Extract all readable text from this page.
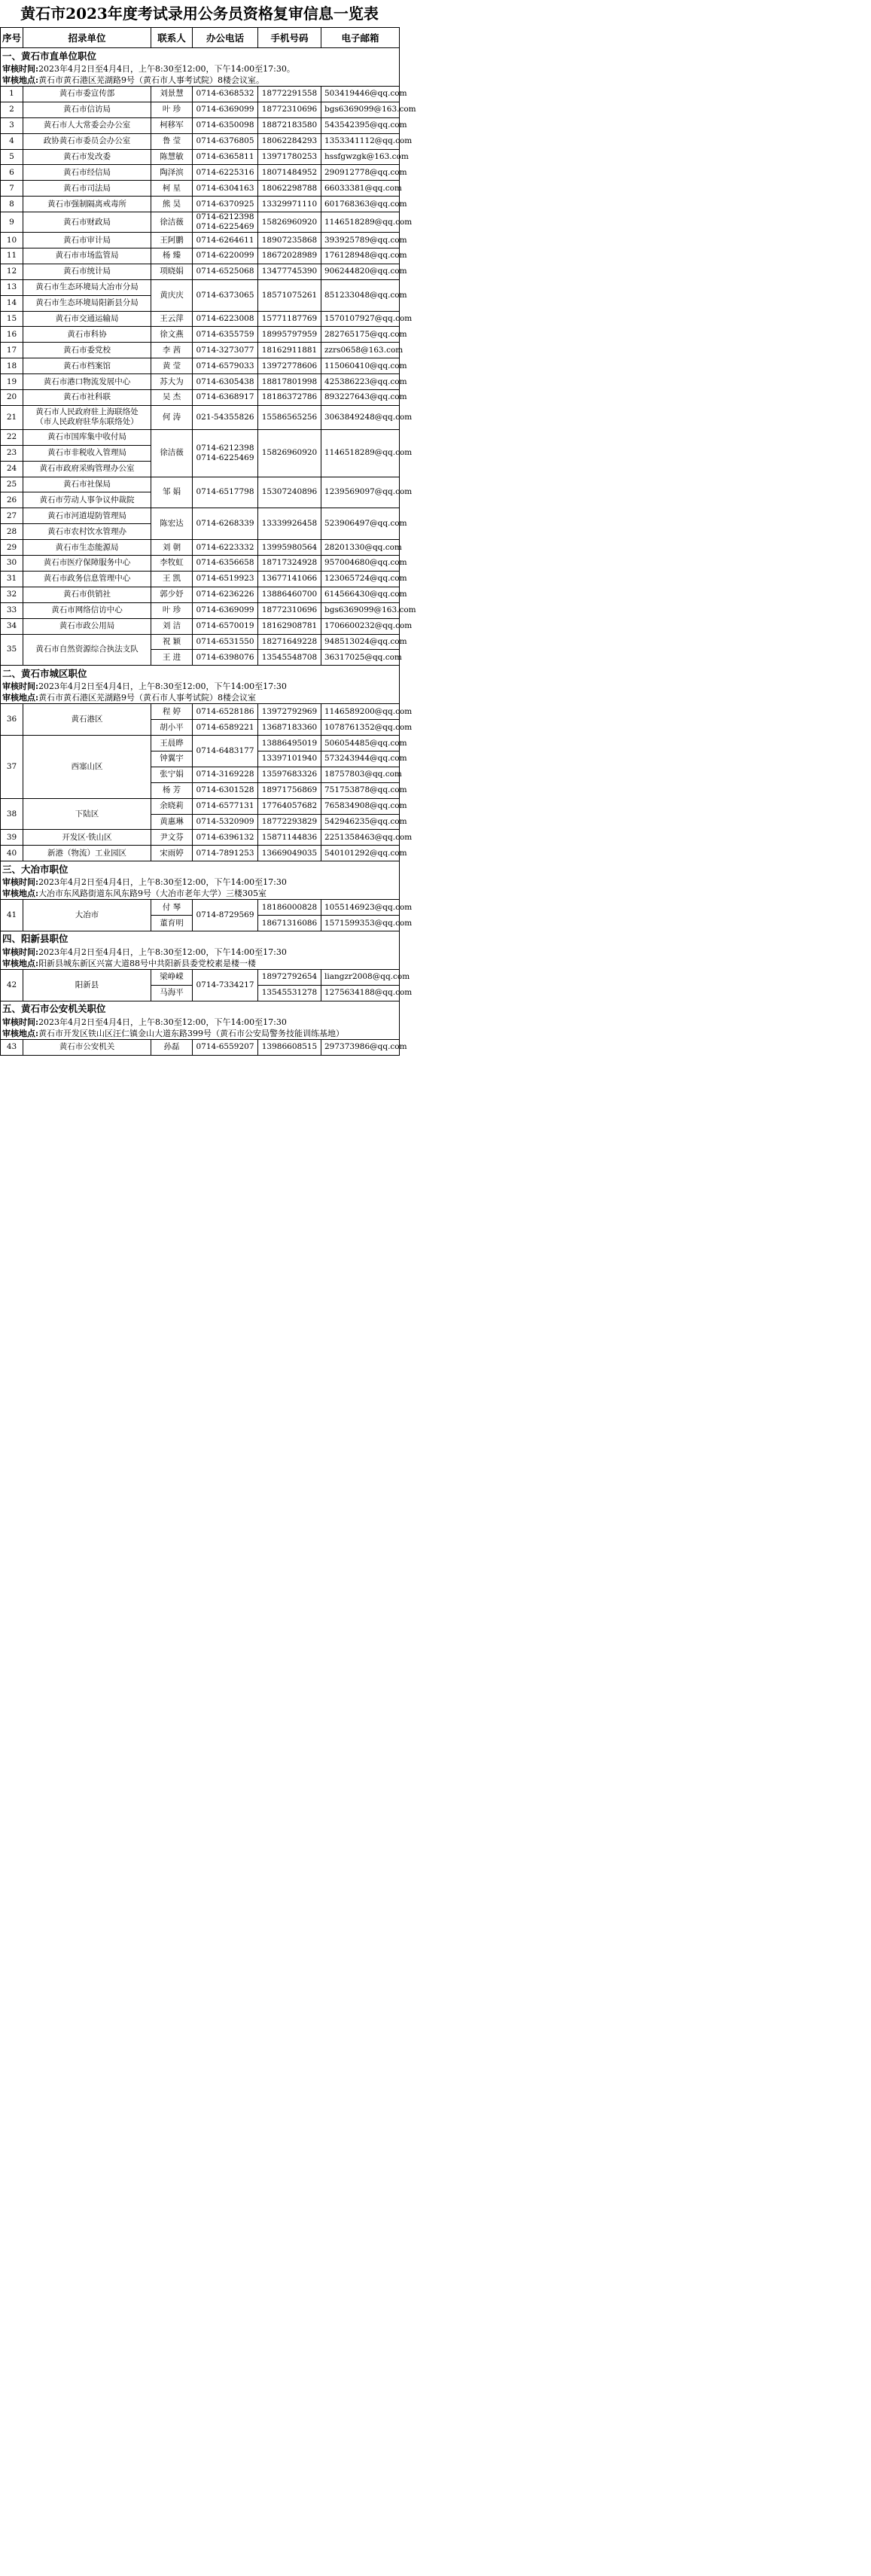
黄石市2023年度考试录用公务员资格复审信息一览表
序号	招录单位	联系人	办公电话	手机号码	电子邮箱
一、黄石市直单位职位					
审核时间:2023年4月2日至4月4日，上午8:30至12:00，下午14:00至17:30。					
审核地点:黄石市黄石港区芜湖路9号（黄石市人事考试院）8楼会议室。					

1	黄石市委宣传部	刘景慧	0714-6368532	18772291558	503419446@qq.com

2	黄石市信访局	叶 珍	0714-6369099	18772310696	bgs6369099@163.com

3	黄石市人大常委会办公室	柯移军	0714-6350098	18872183580	543542395@qq.com

4	政协黄石市委员会办公室	鲁 莹	0714-6376805	18062284293	1353341112@qq.com

5	黄石市发改委	陈慧敏	0714-6365811	13971780253	hssfgwzgk@163.com

6	黄石市经信局	陶泽滨	0714-6225316	18071484952	290912778@qq.com

7	黄石市司法局	柯 星	0714-6304163	18062298788	66033381@qq.com

8	黄石市强制隔离戒毒所	熊 昊	0714-6370925	13329971110	601768363@qq.com

9	黄石市财政局	徐洁薇	0714-6212398
0714-6225469	15826960920	1146518289@qq.com

10	黄石市审计局	王阿鹏	0714-6264611	18907235868	393925789@qq.com

11	黄石市市场监管局	杨 臻	0714-6220099	18672028989	176128948@qq.com

12	黄石市统计局	项晓娟	0714-6525068	13477745390	906244820@qq.com

13	黄石市生态环境局大冶市分局	黄庆庆	0714-6373065	18571075261	851233048@qq.com

14	黄石市生态环境局阳新县分局				

15	黄石市交通运输局	王云萍	0714-6223008	15771187769	1570107927@qq.com

16	黄石市科协	徐文燕	0714-6355759	18995797959	282765175@qq.com

17	黄石市委党校	李 茜	0714-3273077	18162911881	zzrs0658@163.com

18	黄石市档案馆	黄 莹	0714-6579033	13972778606	115060410@qq.com

19	黄石市港口物流发展中心	苏大为	0714-6305438	18817801998	425386223@qq.com

20	黄石市社科联	吴 杰	0714-6368917	18186372786	893227643@qq.com

21	黄石市人民政府驻上海联络处
（市人民政府驻华东联络处）	何 涛	021-54355826	15586565256	3063849248@qq.com

22	黄石市国库集中收付局	徐洁薇	0714-6212398
0714-6225469	15826960920	1146518289@qq.com

23	黄石市非税收入管理局				

24	黄石市政府采购管理办公室				

25	黄石市社保局	邹 娟	0714-6517798	15307240896	1239569097@qq.com

26	黄石市劳动人事争议仲裁院				

27	黄石市河道堤防管理局	陈宏达	0714-6268339	13339926458	523906497@qq.com

28	黄石市农村饮水管理办				

29	黄石市生态能源局	刘 朝	0714-6223332	13995980564	28201330@qq.com

30	黄石市医疗保障服务中心	李牧虹	0714-6356658	18717324928	957004680@qq.com

31	黄石市政务信息管理中心	王 凯	0714-6519923	13677141066	123065724@qq.com

32	黄石市供销社	郭少妤	0714-6236226	13886460700	614566430@qq.com

33	黄石市网络信访中心	叶 珍	0714-6369099	18772310696	bgs6369099@163.com

34	黄石市政公用局	刘 洁	0714-6570019	18162908781	1706600232@qq.com

35	黄石市自然资源综合执法支队	祝 颖	0714-6531550	18271649228	948513024@qq.com

		王 进	0714-6398076	13545548708	36317025@qq.com

二、黄石市城区职位					
审核时间:2023年4月2日至4月4日，上午8:30至12:00，下午14:00至17:30					
审核地点:黄石市黄石港区芜湖路9号（黄石市人事考试院）8楼会议室					

36	黄石港区	程 婷	0714-6528186	13972792969	1146589200@qq.com

		胡小平	0714-6589221	13687183360	1078761352@qq.com

37	西塞山区	王晨晔	0714-6483177	13886495019	506054485@qq.com

		钟翼宇		13397101940	573243944@qq.com

		张宁娟	0714-3169228	13597683326	18757803@qq.com

		杨 芳	0714-6301528	18971756869	751753878@qq.com

38	下陆区	余晓莉	0714-6577131	17764057682	765834908@qq.com

		黄惠琳	0714-5320909	18772293829	542946235@qq.com

39	开发区·铁山区	尹文芬	0714-6396132	15871144836	2251358463@qq.com

40	新港（物流）工业园区	宋雨婷	0714-7891253	13669049035	540101292@qq.com

三、大冶市职位					
审核时间:2023年4月2日至4月4日，上午8:30至12:00，下午14:00至17:30					
审核地点:大冶市东风路街道东风东路9号（大冶市老年大学）三楼305室					

41	大冶市	付 琴	0714-8729569	18186000828	1055146923@qq.com

		董育明		18671316086	1571599353@qq.com

四、阳新县职位					
审核时间:2023年4月2日至4月4日，上午8:30至12:00，下午14:00至17:30					
审核地点:阳新县城东新区兴富大道88号中共阳新县委党校素是楼一楼					

42	阳新县	梁峥嵘	0714-7334217	18972792654	liangzr2008@qq.com

		马海平		13545531278	1275634188@qq.com

五、黄石市公安机关职位					
审核时间:2023年4月2日至4月4日，上午8:30至12:00，下午14:00至17:30					
审核地点:黄石市开发区铁山区汪仁镇金山大道东路399号（黄石市公安局警务技能训练基地）					

43	黄石市公安机关	孙磊	0714-6559207	13986608515	297373986@qq.com
